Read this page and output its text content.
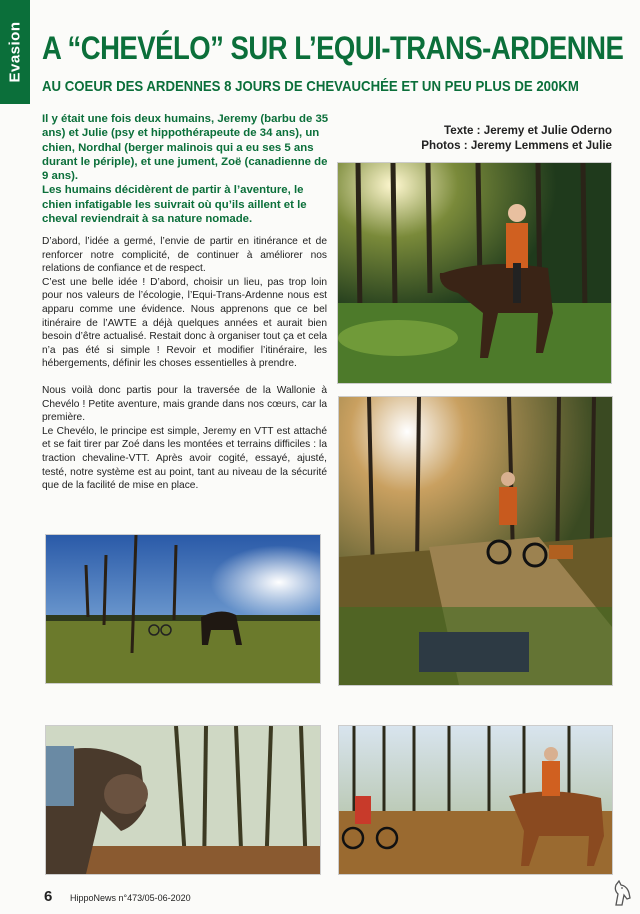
Evasion A “CHEVÉLO” SUR L’EQUI-TRANS-ARDENNE
AU COEUR DES ARDENNES 8 JOURS DE CHEVAUCHÉE ET UN PEU PLUS DE 200KM

Il y était une fois deux humains, Jeremy (barbu de 35 ans) et Julie (psy et hippothérapeute de 34 ans), un chien, Nordhal (berger malinois qui a eu ses 5 ans durant le périple), et une jument, Zoë (canadienne de 9 ans).

Les humains décidèrent de partir à l’aventure, le chien infatigable les suivrait où qu’ils aillent et le cheval reviendrait à sa nature nomade.

Texte : Jeremy et Julie Oderno
Photos : Jeremy Lemmens et Julie

D’abord, l’idée a germé, l’envie de partir en itinérance et de renforcer notre complicité, de continuer à améliorer nos relations de confiance et de respect.

C’est une belle idée ! D’abord, choisir un lieu, pas trop loin pour nos valeurs de l’écologie, l’Equi-Trans-Ardenne nous est apparu comme une évidence. Nous apprenons que ce bel itinéraire de l’AWTE a déjà quelques années et aurait bien besoin d’être actualisé. Restait donc à organiser tout ça et cela n’a pas été si simple ! Revoir et modifier l’itinéraire, les hébergements, définir les choses essentielles à prendre.

Nous voilà donc partis pour la traversée de la Wallonie à Chevélo ! Petite aventure, mais grande dans nos cœurs, car la première.

Le Chevélo, le principe est simple, Jeremy en VTT est attaché et se fait tirer par Zoé dans les montées et terrains difficiles : la traction chevaline-VTT. Après avoir cogité, essayé, ajusté, testé, notre système est au point, tant au niveau de la sécurité que de la facilité de mise en place.

6 HippoNews n°473/05-06-2020
